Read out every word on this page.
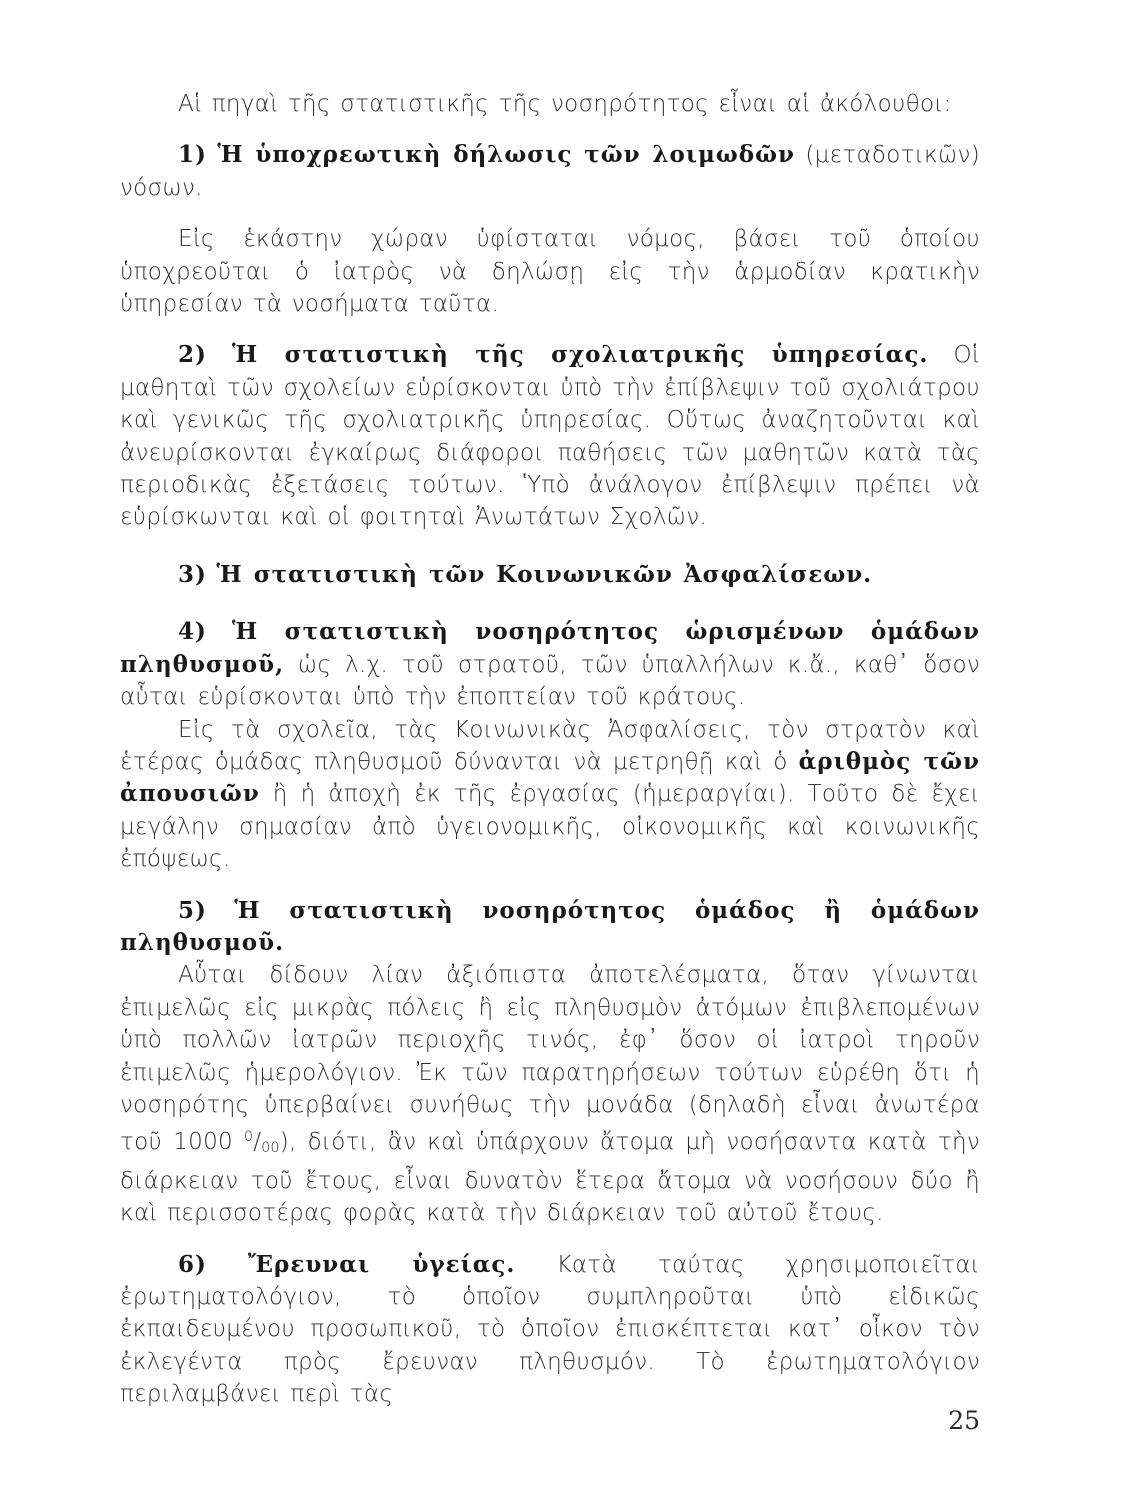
Αἱ πηγαὶ τῆς στατιστικῆς τῆς νοσηρότητος εἶναι αἱ ἀκόλουθοι:

1) Ἡ ὑποχρεωτικὴ δήλωσις τῶν λοιμωδῶν (μεταδοτικῶν) νόσων.

Εἰς ἑκάστην χώραν ὑφίσταται νόμος, βάσει τοῦ ὁποίου ὑποχρεοῦται ὁ ἰατρὸς νὰ δηλώσῃ εἰς τὴν ἁρμοδίαν κρατικὴν ὑπηρεσίαν τὰ νοσήματα ταῦτα.

2) Ἡ στατιστικὴ τῆς σχολιατρικῆς ὑπηρεσίας. Οἱ μαθηταὶ τῶν σχολείων εὑρίσκονται ὑπὸ τὴν ἐπίβλεψιν τοῦ σχολιάτρου καὶ γενικῶς τῆς σχολιατρικῆς ὑπηρεσίας. Οὕτως ἀναζητοῦνται καὶ ἀνευρίσκονται ἐγκαίρως διάφοροι παθήσεις τῶν μαθητῶν κατὰ τὰς περιοδικὰς ἐξετάσεις τούτων. Ὑπὸ ἀνάλογον ἐπίβλεψιν πρέπει νὰ εὑρίσκωνται καὶ οἱ φοιτηταὶ Ἀνωτάτων Σχολῶν.

3) Ἡ στατιστικὴ τῶν Κοινωνικῶν Ἀσφαλίσεων.

4) Ἡ στατιστικὴ νοσηρότητος ὡρισμένων ὁμάδων πληθυσμοῦ, ὡς λ.χ. τοῦ στρατοῦ, τῶν ὑπαλλήλων κ.ἄ., καθ᾽ ὅσον αὗται εὑρίσκονται ὑπὸ τὴν ἐποπτείαν τοῦ κράτους.

Εἰς τὰ σχολεῖα, τὰς Κοινωνικὰς Ἀσφαλίσεις, τὸν στρατὸν καὶ ἑτέρας ὁμάδας πληθυσμοῦ δύνανται νὰ μετρηθῇ καὶ ὁ ἀριθμὸς τῶν ἀπουσιῶν ἢ ἡ ἀποχὴ ἐκ τῆς ἐργασίας (ἡμεραργίαι). Τοῦτο δὲ ἔχει μεγάλην σημασίαν ἀπὸ ὑγειονομικῆς, οἰκονομικῆς καὶ κοινωνικῆς ἐπόψεως.

5) Ἡ στατιστικὴ νοσηρότητος ὁμάδος ἢ ὁμάδων πληθυσμοῦ.

Αὗται δίδουν λίαν ἀξιόπιστα ἀποτελέσματα, ὅταν γίνωνται ἐπιμελῶς εἰς μικρὰς πόλεις ἢ εἰς πληθυσμὸν ἀτόμων ἐπιβλεπομένων ὑπὸ πολλῶν ἰατρῶν περιοχῆς τινός, ἐφ᾽ ὅσον οἱ ἰατροὶ τηροῦν ἐπιμελῶς ἡμερολόγιον. Ἐκ τῶν παρατηρήσεων τούτων εὑρέθη ὅτι ἡ νοσηρότης ὑπερβαίνει συνήθως τὴν μονάδα (δηλαδὴ εἶναι ἀνωτέρα τοῦ 1000 $^0/_{00}$), διότι, ἂν καὶ ὑπάρχουν ἄτομα μὴ νοσήσαντα κατὰ τὴν διάρκειαν τοῦ ἔτους, εἶναι δυνατὸν ἕτερα ἄτομα νὰ νοσήσουν δύο ἢ καὶ περισσοτέρας φορὰς κατὰ τὴν διάρκειαν τοῦ αὐτοῦ ἔτους.

6) Ἔρευναι ὑγείας. Κατὰ ταύτας χρησιμοποιεῖται ἐρωτηματολόγιον, τὸ ὁποῖον συμπληροῦται ὑπὸ εἰδικῶς ἐκπαιδευμένου προσωπικοῦ, τὸ ὁποῖον ἐπισκέπτεται κατ᾽ οἶκον τὸν ἐκλεγέντα πρὸς ἔρευναν πληθυσμόν. Τὸ ἐρωτηματολόγιον περιλαμβάνει περὶ τὰς

25
